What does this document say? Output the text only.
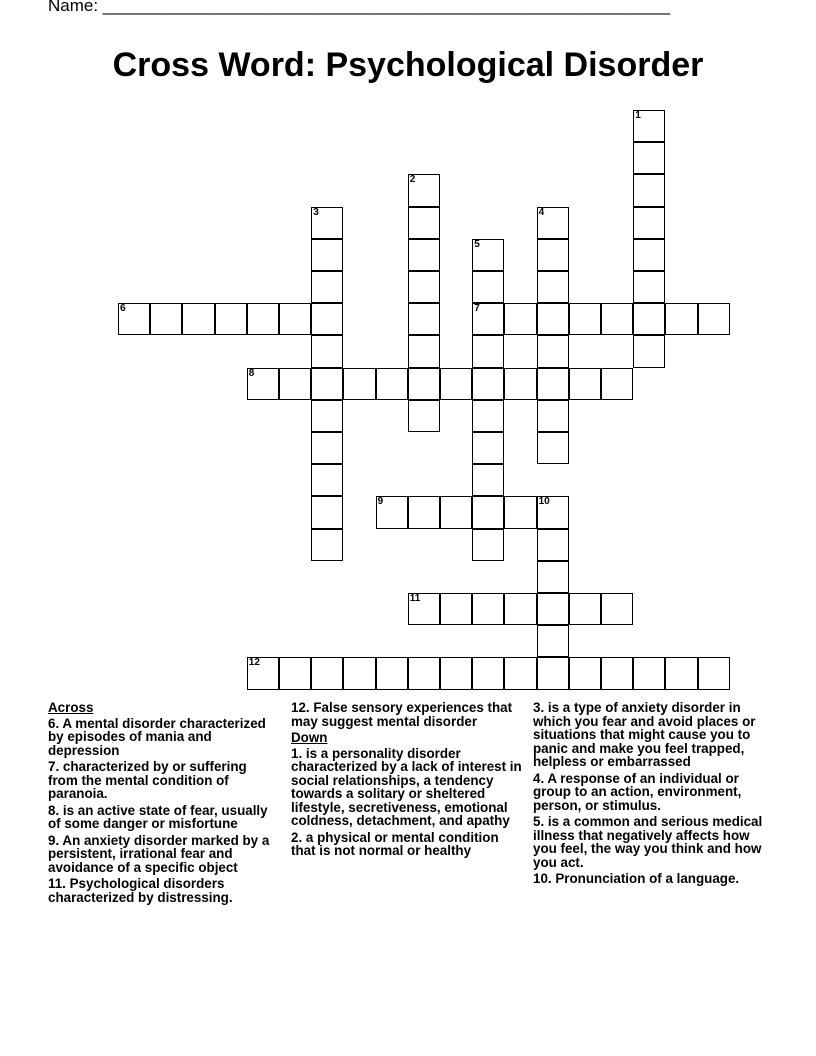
Name: ____________________________________________________________
Cross Word: Psychological Disorder
1
2
3	4
5
7
6
8
9	10
11
12
Across

6. A mental disorder characterized by episodes of mania and depression

7. characterized by or suffering from the mental condition of paranoia.

8. is an active state of fear, usually of some danger or misfortune

9. An anxiety disorder marked by a persistent, irrational fear and avoidance of a specific object

11. Psychological disorders characterized by distressing.

12. False sensory experiences that may suggest mental disorder

Down

1. is a personality disorder characterized by a lack of interest in social relationships, a tendency towards a solitary or sheltered lifestyle, secretiveness, emotional coldness, detachment, and apathy

2. a physical or mental condition that is not normal or healthy

3. is a type of anxiety disorder in which you fear and avoid places or situations that might cause you to panic and make you feel trapped, helpless or embarrassed

4. A response of an individual or group to an action, environment, person, or stimulus.

5. is a common and serious medical illness that negatively affects how you feel, the way you think and how you act.

10. Pronunciation of a language.
